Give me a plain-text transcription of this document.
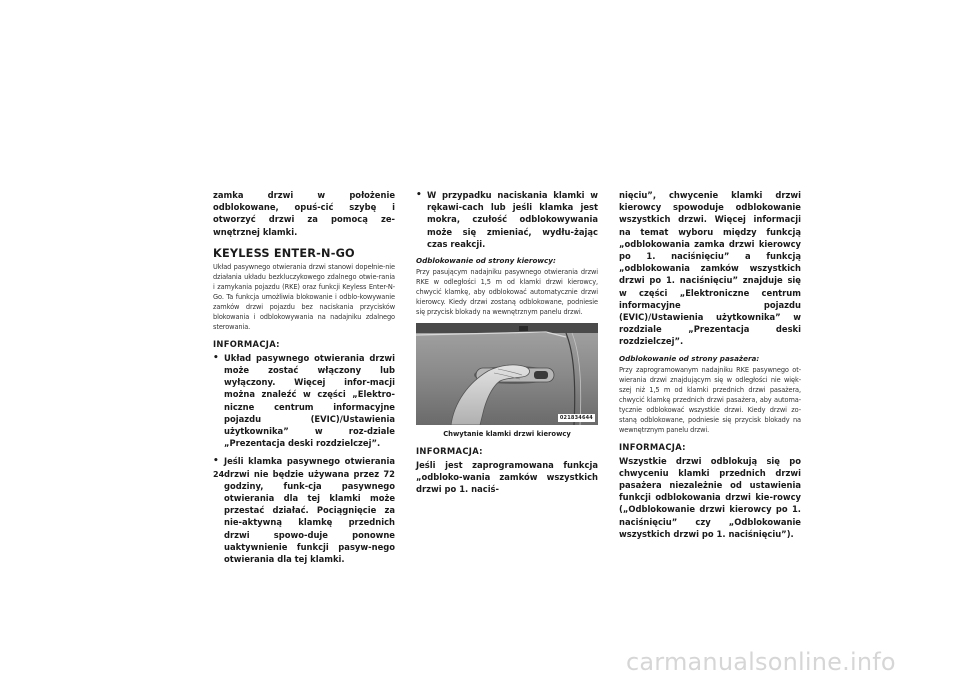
zamka drzwi w położenie odblokowane, opuś-cić szybę i otworzyć drzwi za pomocą ze-wnętrznej klamki.

KEYLESS ENTER-N-GO

Układ pasywnego otwierania drzwi stanowi dopełnie-nie działania układu bezkluczykowego zdalnego otwie-rania i zamykania pojazdu (RKE) oraz funkcji Keyless Enter-N-Go. Ta funkcja umożliwia blokowanie i odblo-kowywanie zamków drzwi pojazdu bez naciskania przycisków blokowania i odblokowywania na nadajniku zdalnego sterowania.

INFORMACJA:
• Układ pasywnego otwierania drzwi może zostać włączony lub wyłączony. Więcej infor-macji można znaleźć w części „Elektro-niczne centrum informacyjne pojazdu (EVIC)/Ustawienia użytkownika” w roz-dziale „Prezentacja deski rozdzielczej”.
• Jeśli klamka pasywnego otwierania drzwi nie będzie używana przez 72 godziny, funk-cja pasywnego otwierania dla tej klamki może przestać działać. Pociągnięcie za nie-aktywną klamkę przednich drzwi spowo-duje ponowne uaktywnienie funkcji pasyw-nego otwierania dla tej klamki.
• W przypadku naciskania klamki w rękawi-cach lub jeśli klamka jest mokra, czułość odblokowywania może się zmieniać, wydłu-żając czas reakcji.
Odblokowanie od strony kierowcy:

Przy pasującym nadajniku pasywnego otwierania drzwi RKE w odległości 1,5 m od klamki drzwi kierowcy, chwycić klamkę, aby odblokować automatycznie drzwi kierowcy. Kiedy drzwi zostaną odblokowane, podniesie się przycisk blokady na wewnętrznym panelu drzwi.

021834644
Chwytanie klamki drzwi kierowcy
INFORMACJA:

Jeśli jest zaprogramowana funkcja „odbloko-wania zamków wszystkich drzwi po 1. naciś-

nięciu”, chwycenie klamki drzwi kierowcy spowoduje odblokowanie wszystkich drzwi. Więcej informacji na temat wyboru między funkcją „odblokowania zamka drzwi kierowcy po 1. naciśnięciu” a funkcją „odblokowania zamków wszystkich drzwi po 1. naciśnięciu” znajduje się w części „Elektroniczne centrum informacyjne pojazdu (EVIC)/Ustawienia użytkownika” w rozdziale „Prezentacja deski rozdzielczej”.

Odblokowanie od strony pasażera:

Przy zaprogramowanym nadajniku RKE pasywnego ot-wierania drzwi znajdującym się w odległości nie więk-szej niż 1,5 m od klamki przednich drzwi pasażera, chwycić klamkę przednich drzwi pasażera, aby automa-tycznie odblokować wszystkie drzwi. Kiedy drzwi zo-staną odblokowane, podniesie się przycisk blokady na wewnętrznym panelu drzwi.

INFORMACJA:

Wszystkie drzwi odblokują się po chwyceniu klamki przednich drzwi pasażera niezależnie od ustawienia funkcji odblokowania drzwi kie-rowcy („Odblokowanie drzwi kierowcy po 1. naciśnięciu” czy „Odblokowanie wszystkich drzwi po 1. naciśnięciu”).

24
carmanualsonline.info
